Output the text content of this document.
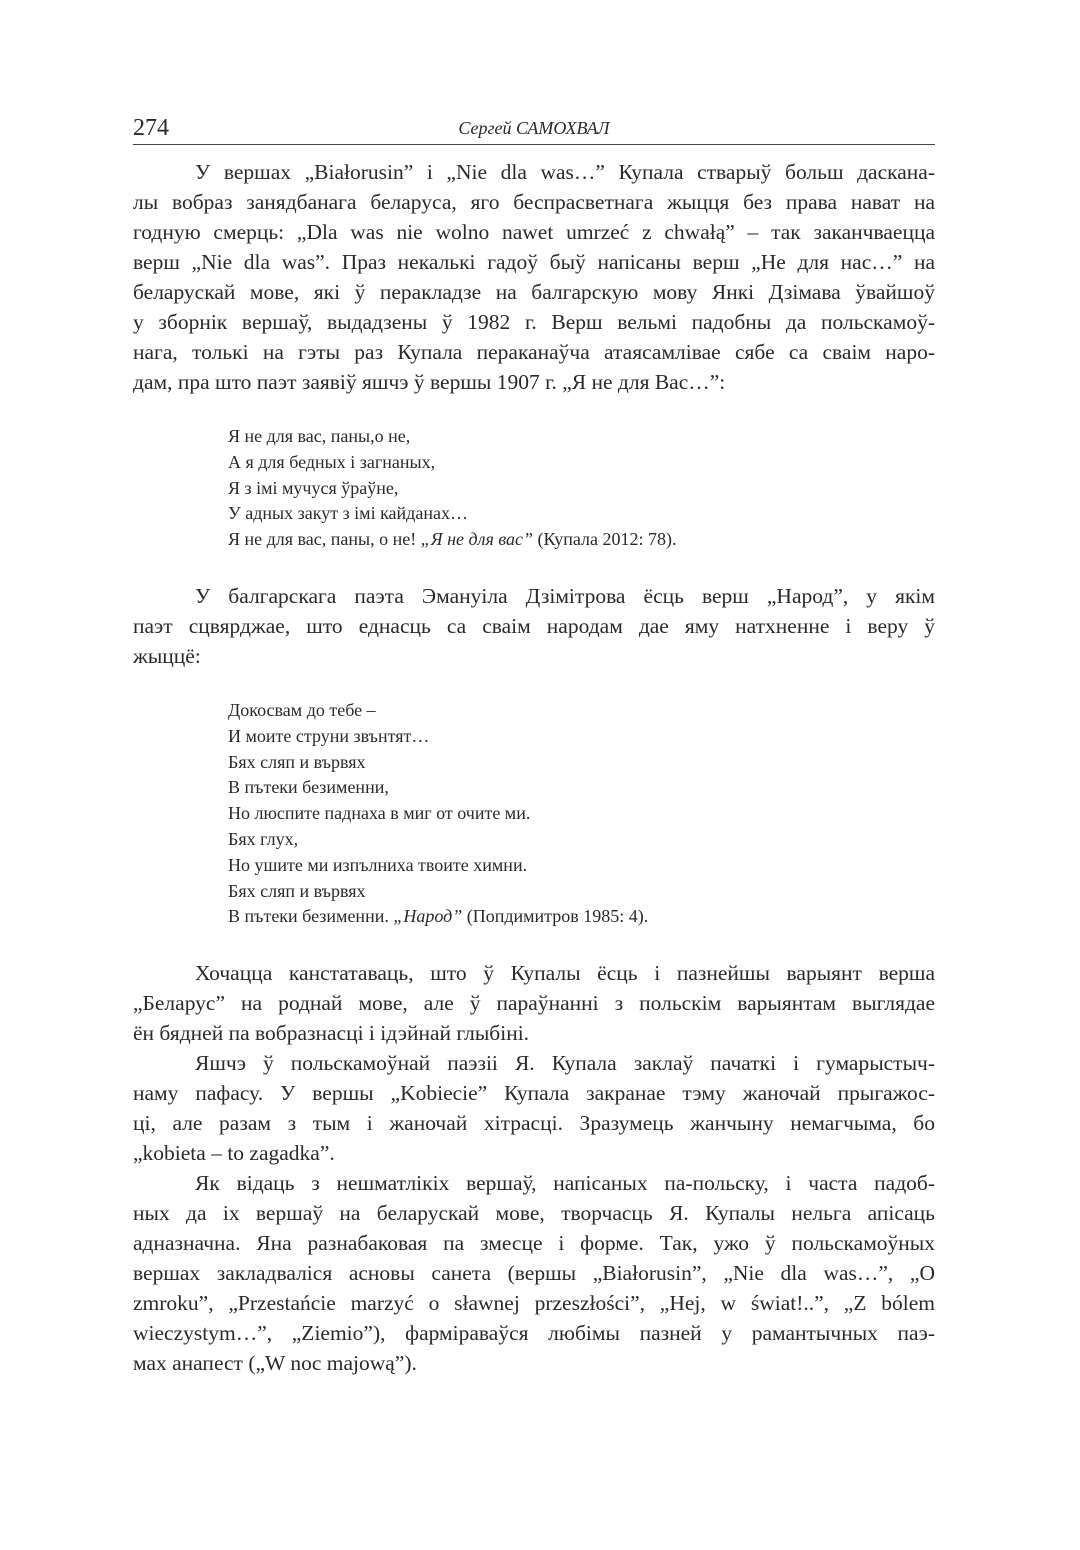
274	Сергей САМОХВАЛ
У вершах „Białorusin” і „Nie dla was…” Купала стварыў больш даскана-
лы вобраз занядбанага беларуса, яго беспрасветнага жыцця без права нават на
годную смерць: „Dla was nie wolno nawet umrzeć z chwałą” – так заканчваецца
верш „Nie dla was”. Праз некалькі гадоў быў напісаны верш „Не для нас…” на
беларускай мове, які ў перакладзе на балгарскую мову Янкі Дзімава ўвайшоў
у зборнік вершаў, выдадзены ў 1982 г. Верш вельмі падобны да польскамоў-
нага, толькі на гэты раз Купала пераканаўча атаясамлівае сябе са сваім наро-
дам, пра што паэт заявіў яшчэ ў вершы 1907 г. „Я не для Вас…”:
Я не для вас, паны,о не,
А я для бедных і загнаных,
Я з імі мучуся ўраўне,
У адных закут з імі кайданах…
Я не для вас, паны, о не! „Я не для вас” (Купала 2012: 78).
У балгарскага паэта Эмануіла Дзімітрова ёсць верш „Народ”, у якім
паэт сцвярджае, што еднасць са сваім народам дае яму натхненне і веру ў
жыццё:
Докосвам до тебе –
И моите струни звънтят…
Бях сляп и вървях
В пътеки безименни,
Но люспите паднаха в миг от очите ми.
Бях глух,
Но ушите ми изпълниха твоите химни.
Бях сляп и вървях
В пътеки безименни. „Народ” (Попдимитров 1985: 4).
Хочацца канстатаваць, што ў Купалы ёсць і пазнейшы варыянт верша
„Беларус” на роднай мове, але ў параўнанні з польскім варыянтам выглядае
ён бядней па вобразнасці і ідэйнай глыбіні.
Яшчэ ў польскамоўнай паэзіі Я. Купала заклаў пачаткі і гумарыстыч-
наму пафасу. У вершы „Kobiecie” Купала закранае тэму жаночай прыгажос-
ці, але разам з тым і жаночай хітрасці. Зразумець жанчыну немагчыма, бо
„kobieta – to zagadka”.
Як відаць з нешматлікіх вершаў, напісаных па-польску, і часта падоб-
ных да іх вершаў на беларускай мове, творчасць Я. Купалы нельга апісаць
адназначна. Яна разнабаковая па змесце і форме. Так, ужо ў польскамоўных
вершах закладваліся асновы санета (вершы „Białorusin”, „Nie dla was…”, „O
zmroku”, „Przestańcie marzyć o sławnej przeszłości”, „Hej, w świat!..”, „Z bólem
wieczystym…”, „Ziemio”), фарміраваўся любімы пазней у рамантычных паэ-
мах анапест („W noc majową”).
